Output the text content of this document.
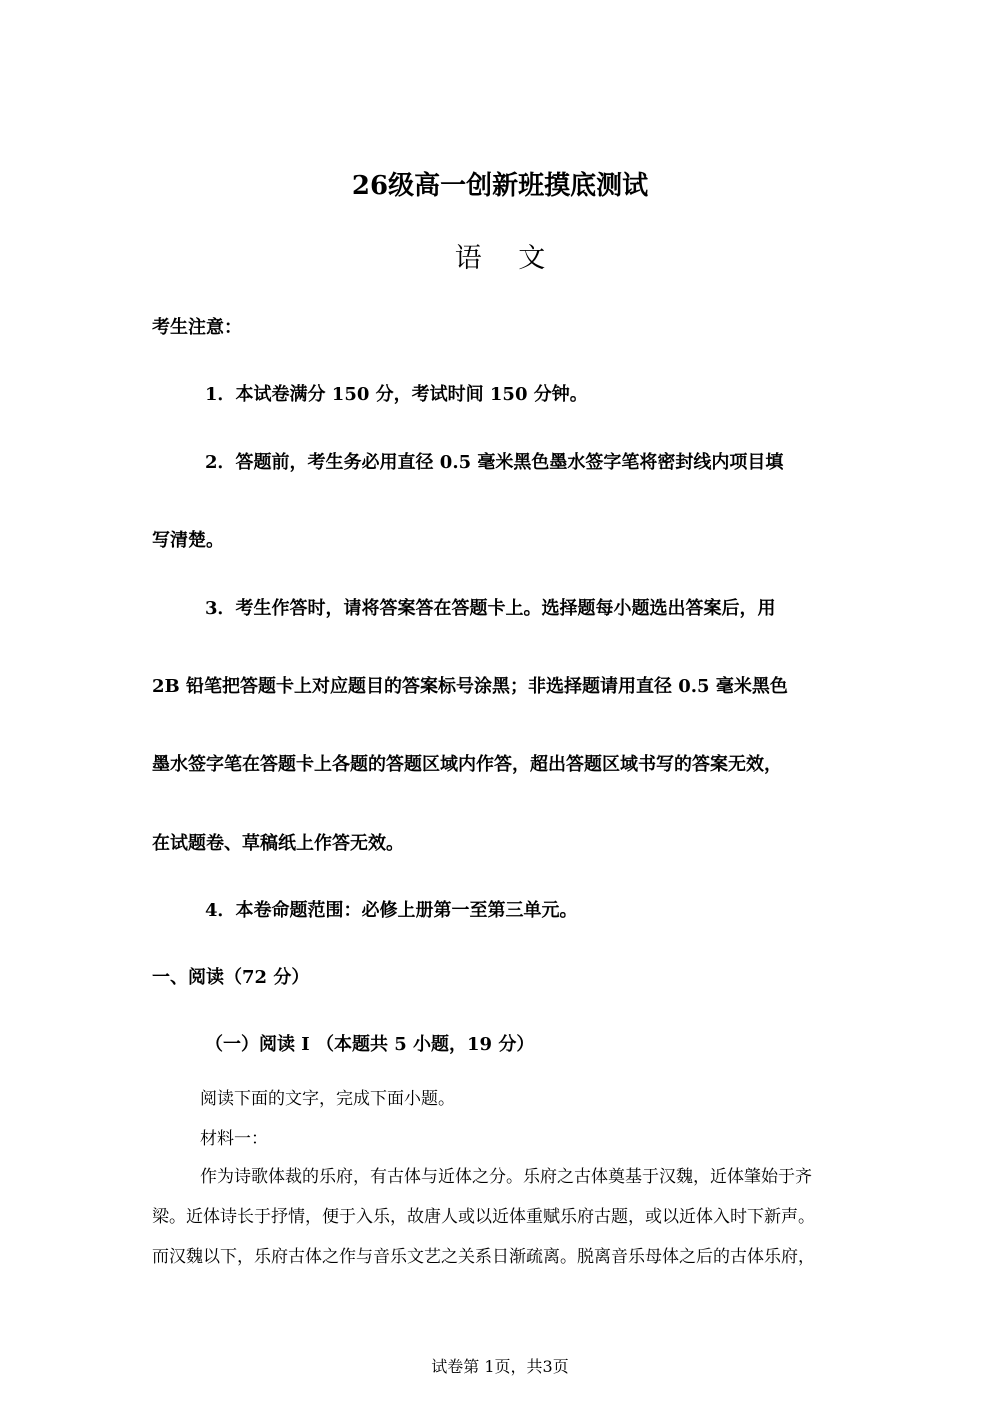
26级高一创新班摸底测试
语 文
考生注意：
1．本试卷满分 150 分，考试时间 150 分钟。
2．答题前，考生务必用直径 0.5 毫米黑色墨水签字笔将密封线内项目填
写清楚。
3．考生作答时，请将答案答在答题卡上。选择题每小题选出答案后，用
2B 铅笔把答题卡上对应题目的答案标号涂黑；非选择题请用直径 0.5 毫米黑色
墨水签字笔在答题卡上各题的答题区域内作答，超出答题区域书写的答案无效，
在试题卷、草稿纸上作答无效。
4．本卷命题范围：必修上册第一至第三单元。
一、阅读（72 分）
（一）阅读 I （本题共 5 小题，19 分）
阅读下面的文字，完成下面小题。
材料一：
作为诗歌体裁的乐府，有古体与近体之分。乐府之古体奠基于汉魏，近体肇始于齐
梁。近体诗长于抒情，便于入乐，故唐人或以近体重赋乐府古题，或以近体入时下新声。
而汉魏以下，乐府古体之作与音乐文艺之关系日渐疏离。脱离音乐母体之后的古体乐府，
试卷第 1页，共3页
